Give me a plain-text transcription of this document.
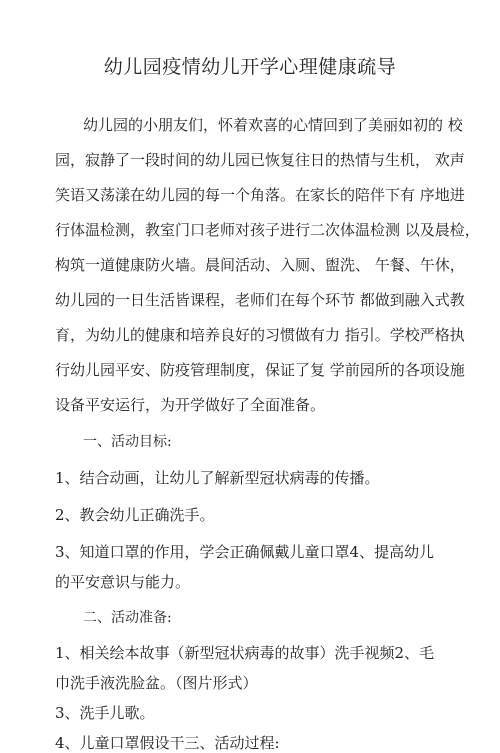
幼儿园疫情幼儿开学心理健康疏导
幼儿园的小朋友们，怀着欢喜的心情回到了美丽如初的 校
园，寂静了一段时间的幼儿园已恢复往日的热情与生机， 欢声
笑语又荡漾在幼儿园的每一个角落。在家长的陪伴下有 序地进
行体温检测，教室门口老师对孩子进行二次体温检测 以及晨检，
构筑一道健康防火墙。晨间活动、入厕、盥洗、 午餐、午休，
幼儿园的一日生活皆课程，老师们在每个环节 都做到融入式教
育，为幼儿的健康和培养良好的习惯做有力 指引。学校严格执
行幼儿园平安、防疫管理制度，保证了复 学前园所的各项设施
设备平安运行，为开学做好了全面准备。
一、活动目标:
1、结合动画，让幼儿了解新型冠状病毒的传播。
2、教会幼儿正确洗手。
3、知道口罩的作用，学会正确佩戴儿童口罩4、提高幼儿
的平安意识与能力。
二、活动准备:
1、相关绘本故事（新型冠状病毒的故事）洗手视频2、毛
巾洗手液洗脸盆。（图片形式）
3、洗手儿歌。
4、儿童口罩假设干三、活动过程:
